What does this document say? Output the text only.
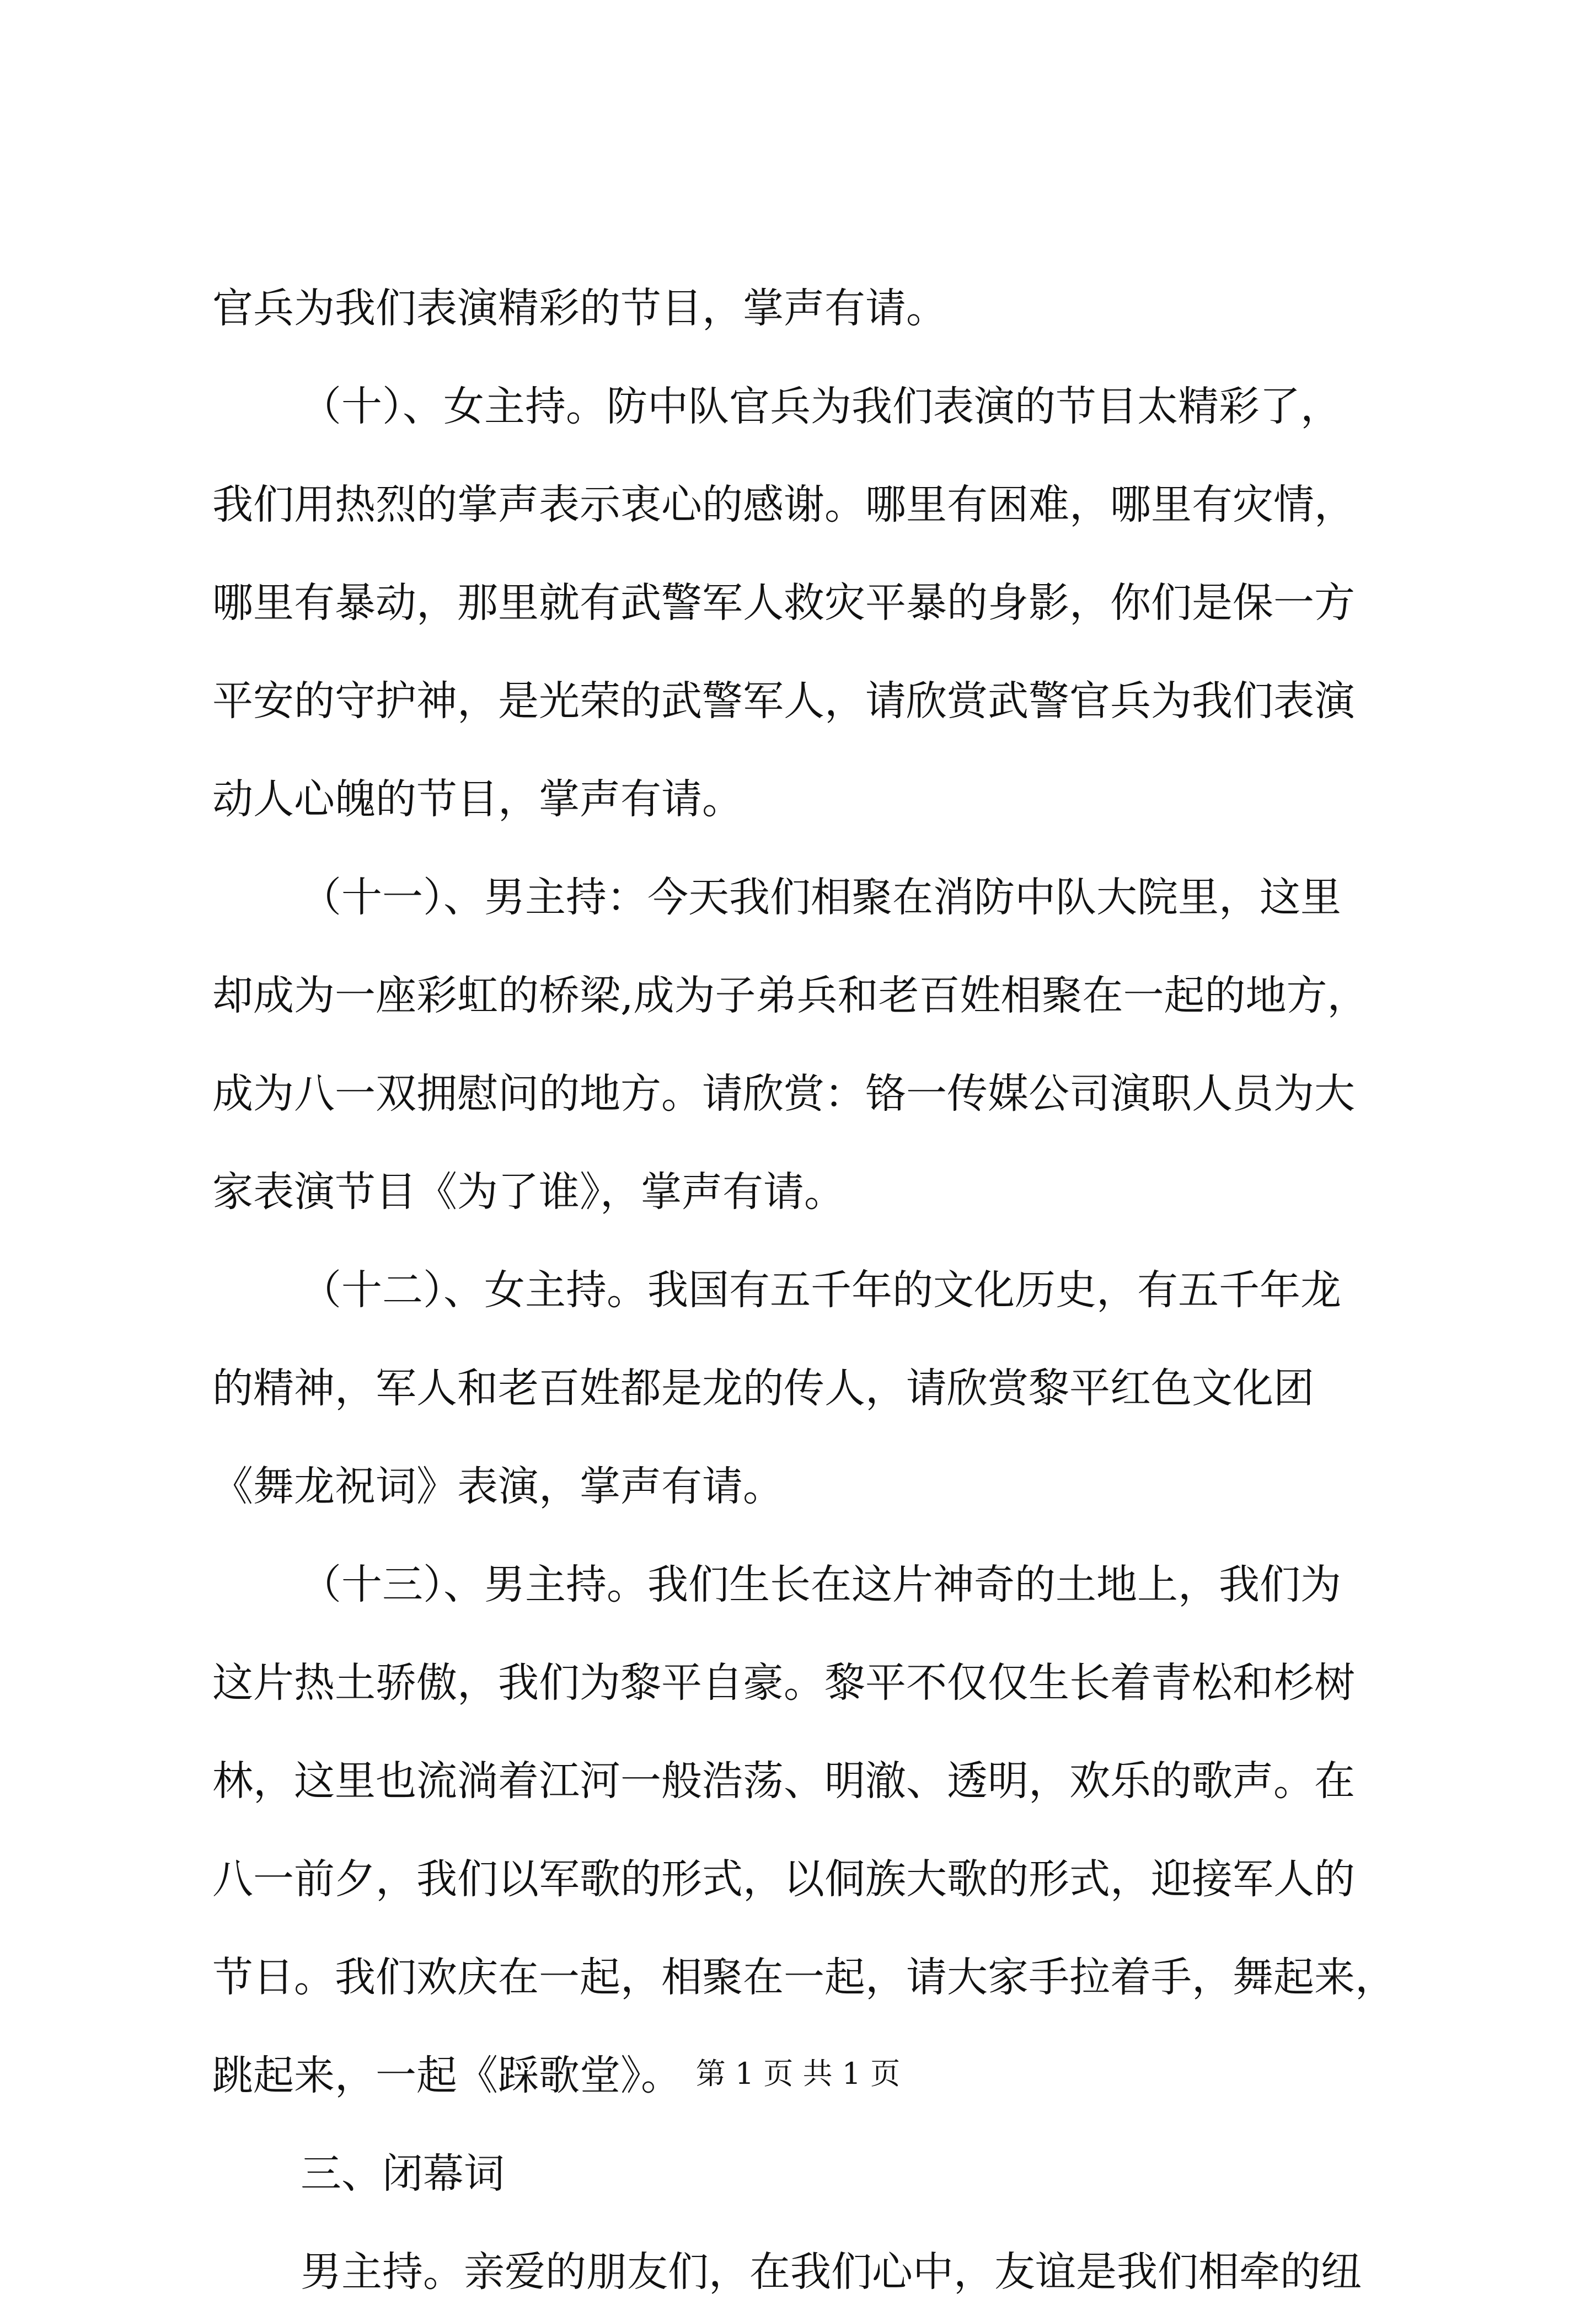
官兵为我们表演精彩的节目，掌声有请。
（十）、女主持。防中队官兵为我们表演的节目太精彩了，
我们用热烈的掌声表示衷心的感谢。哪里有困难，哪里有灾情，
哪里有暴动，那里就有武警军人救灾平暴的身影，你们是保一方
平安的守护神，是光荣的武警军人，请欣赏武警官兵为我们表演
动人心魄的节目，掌声有请。
（十一）、男主持：今天我们相聚在消防中队大院里，这里
却成为一座彩虹的桥梁,成为子弟兵和老百姓相聚在一起的地方，
成为八一双拥慰问的地方。请欣赏：铬一传媒公司演职人员为大
家表演节目《为了谁》，掌声有请。
（十二）、女主持。我国有五千年的文化历史，有五千年龙
的精神，军人和老百姓都是龙的传人，请欣赏黎平红色文化团
《舞龙祝词》表演，掌声有请。
（十三）、男主持。我们生长在这片神奇的土地上，我们为
这片热土骄傲，我们为黎平自豪。黎平不仅仅生长着青松和杉树
林，这里也流淌着江河一般浩荡、明澈、透明，欢乐的歌声。在
八一前夕，我们以军歌的形式，以侗族大歌的形式，迎接军人的
节日。我们欢庆在一起，相聚在一起，请大家手拉着手，舞起来，
跳起来，一起《踩歌堂》。
三、闭幕词
男主持。亲爱的朋友们，在我们心中，友谊是我们相牵的纽
第 1 页 共 1 页
